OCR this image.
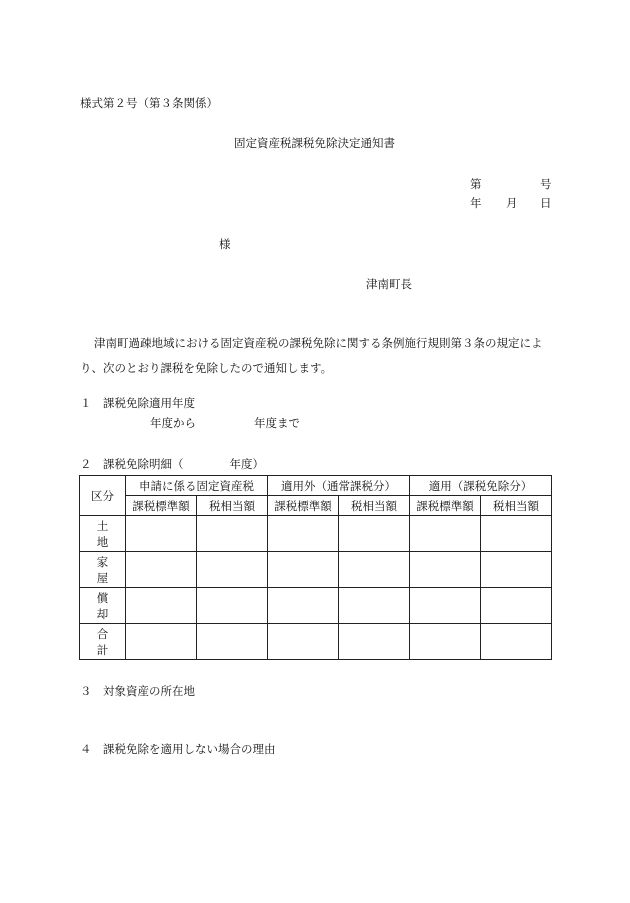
様式第２号（第３条関係）
固定資産税課税免除決定通知書
第	号
年 月 日
様
津南町長
津南町過疎地域における固定資産税の課税免除に関する条例施行規則第３条の規定により、次のとおり課税を免除したので通知します。
１　課税免除適用年度
年度から	年度まで
２　課税免除明細（　　　　年度）
区分	申請に係る固定資産税		適用外（通常課税分）		適用（課税免除分）	
	課税標準額	税相当額	課税標準額	税相当額	課税標準額	税相当額
土地						
家屋						
償却						
合計						
３　対象資産の所在地
４　課税免除を適用しない場合の理由
